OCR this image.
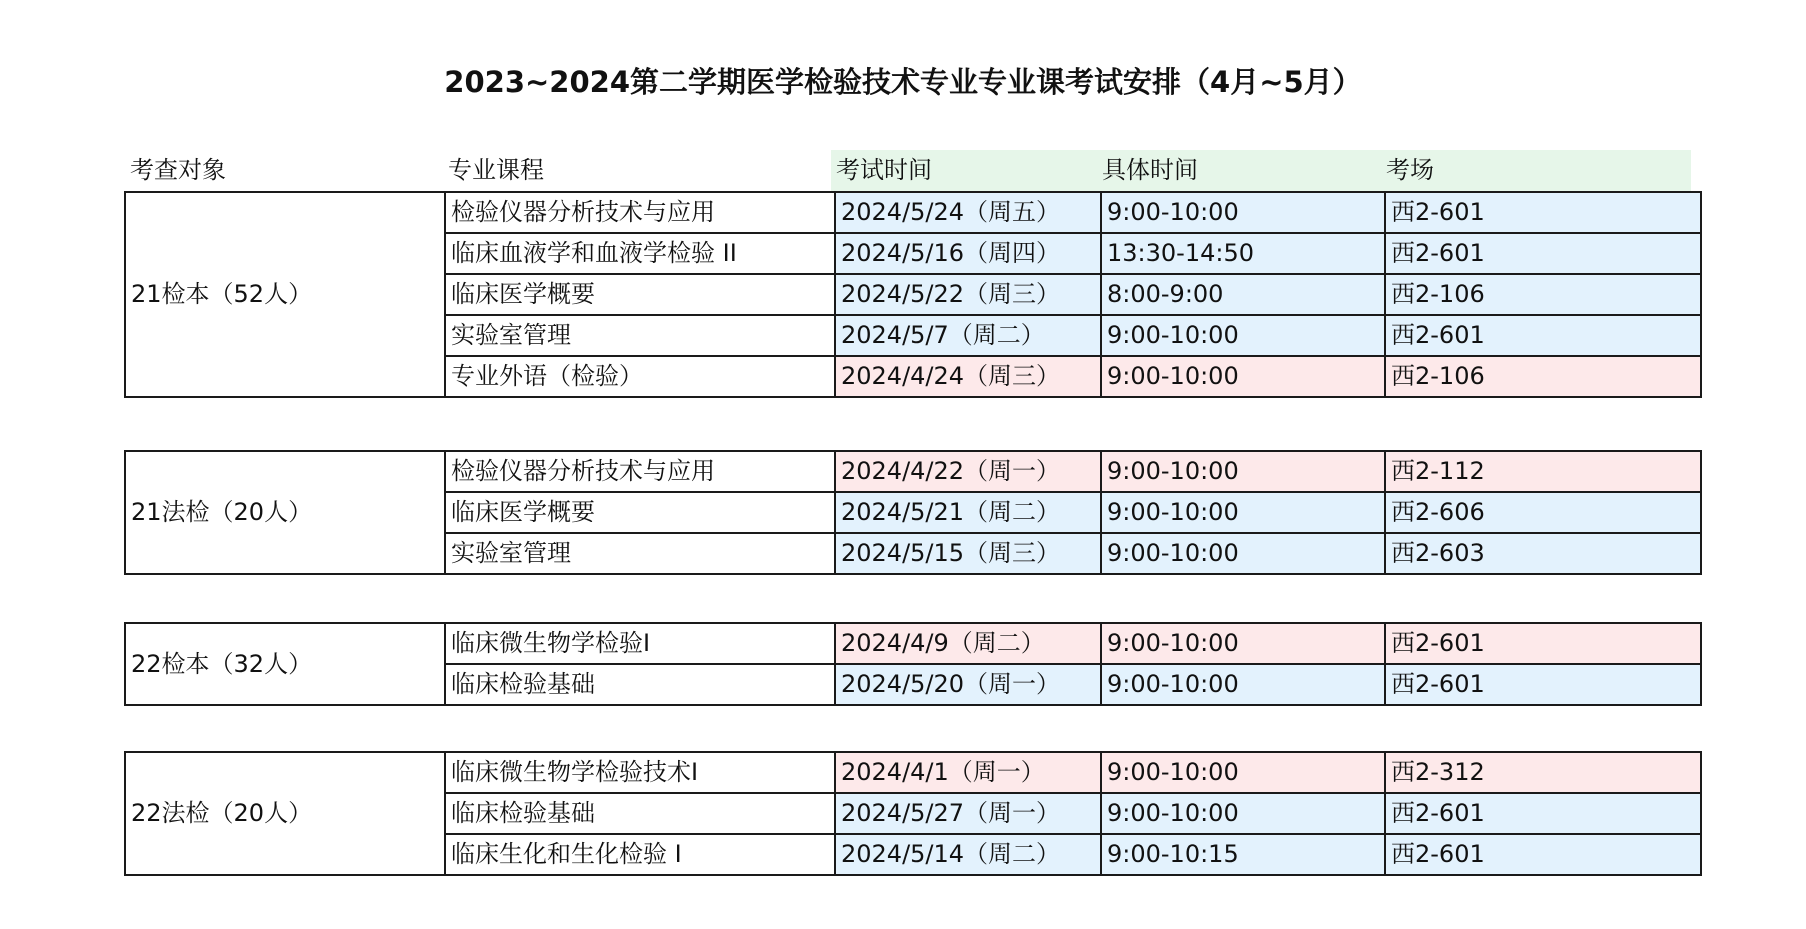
2023~2024第二学期医学检验技术专业专业课考试安排（4月~5月）
考查对象	专业课程	考试时间	具体时间	考场
21检本（52人）	检验仪器分析技术与应用	2024/5/24（周五）	9:00-10:00	西2-601
	临床血液学和血液学检验 II	2024/5/16（周四）	13:30-14:50	西2-601
	临床医学概要	2024/5/22（周三）	8:00-9:00	西2-106
	实验室管理	2024/5/7（周二）	9:00-10:00	西2-601
	专业外语（检验）	2024/4/24（周三）	9:00-10:00	西2-106
21法检（20人）	检验仪器分析技术与应用	2024/4/22（周一）	9:00-10:00	西2-112
	临床医学概要	2024/5/21（周二）	9:00-10:00	西2-606
	实验室管理	2024/5/15（周三）	9:00-10:00	西2-603
22检本（32人）	临床微生物学检验I	2024/4/9（周二）	9:00-10:00	西2-601
	临床检验基础	2024/5/20（周一）	9:00-10:00	西2-601
22法检（20人）	临床微生物学检验技术I	2024/4/1（周一）	9:00-10:00	西2-312
	临床检验基础	2024/5/27（周一）	9:00-10:00	西2-601
	临床生化和生化检验 I	2024/5/14（周二）	9:00-10:15	西2-601
